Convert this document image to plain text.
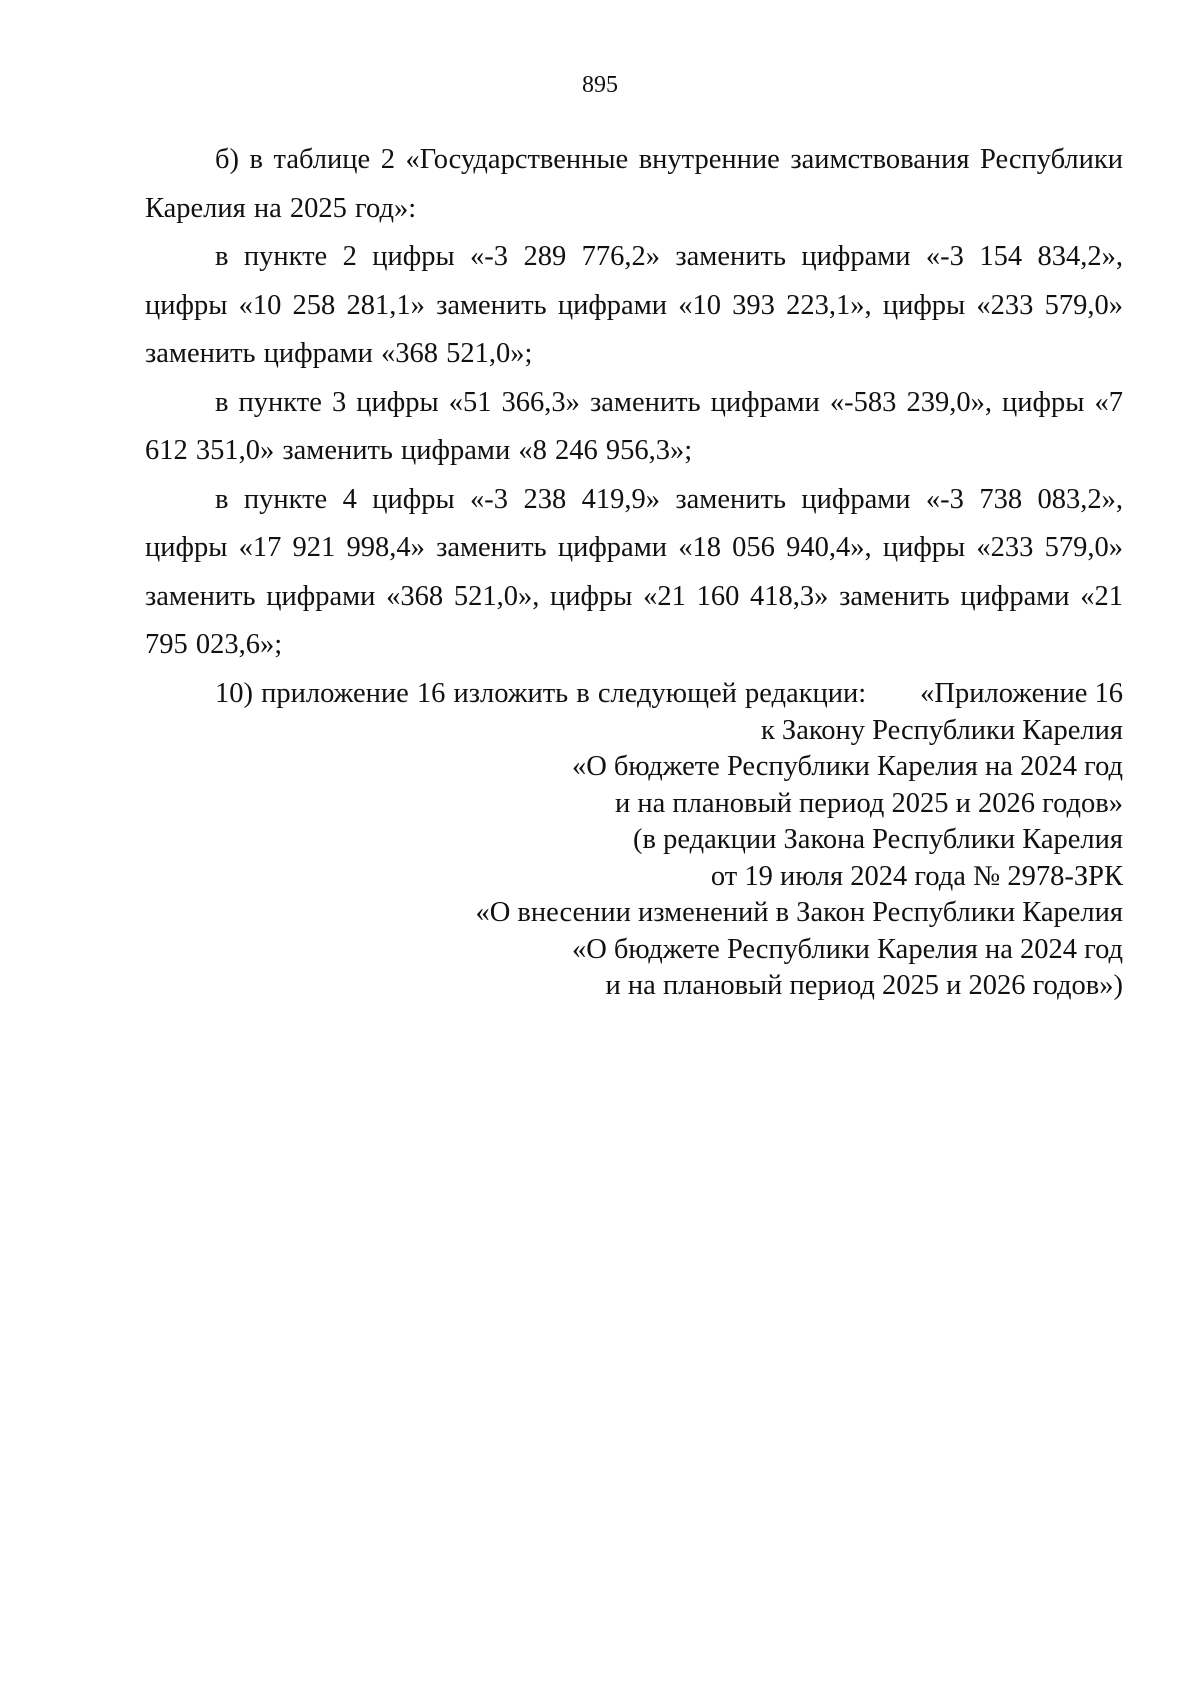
895

б) в таблице 2 «Государственные внутренние заимствования Республики Карелия на 2025 год»:

в пункте 2 цифры «-3 289 776,2» заменить цифрами «-3 154 834,2», цифры «10 258 281,1» заменить цифрами «10 393 223,1», цифры «233 579,0» заменить цифрами «368 521,0»;

в пункте 3 цифры «51 366,3» заменить цифрами «-583 239,0», цифры «7 612 351,0» заменить цифрами «8 246 956,3»;

в пункте 4 цифры «-3 238 419,9» заменить цифрами «-3 738 083,2», цифры «17 921 998,4» заменить цифрами «18 056 940,4», цифры «233 579,0» заменить цифрами «368 521,0», цифры «21 160 418,3» заменить цифрами «21 795 023,6»;

10) приложение 16 изложить в следующей редакции:	«Приложение 16
к Закону Республики Карелия
«О бюджете Республики Карелия на 2024 год
и на плановый период 2025 и 2026 годов»
(в редакции Закона Республики Карелия
от 19 июля 2024 года № 2978-ЗРК
«О внесении изменений в Закон Республики Карелия
«О бюджете Республики Карелия на 2024 год
и на плановый период 2025 и 2026 годов»)
